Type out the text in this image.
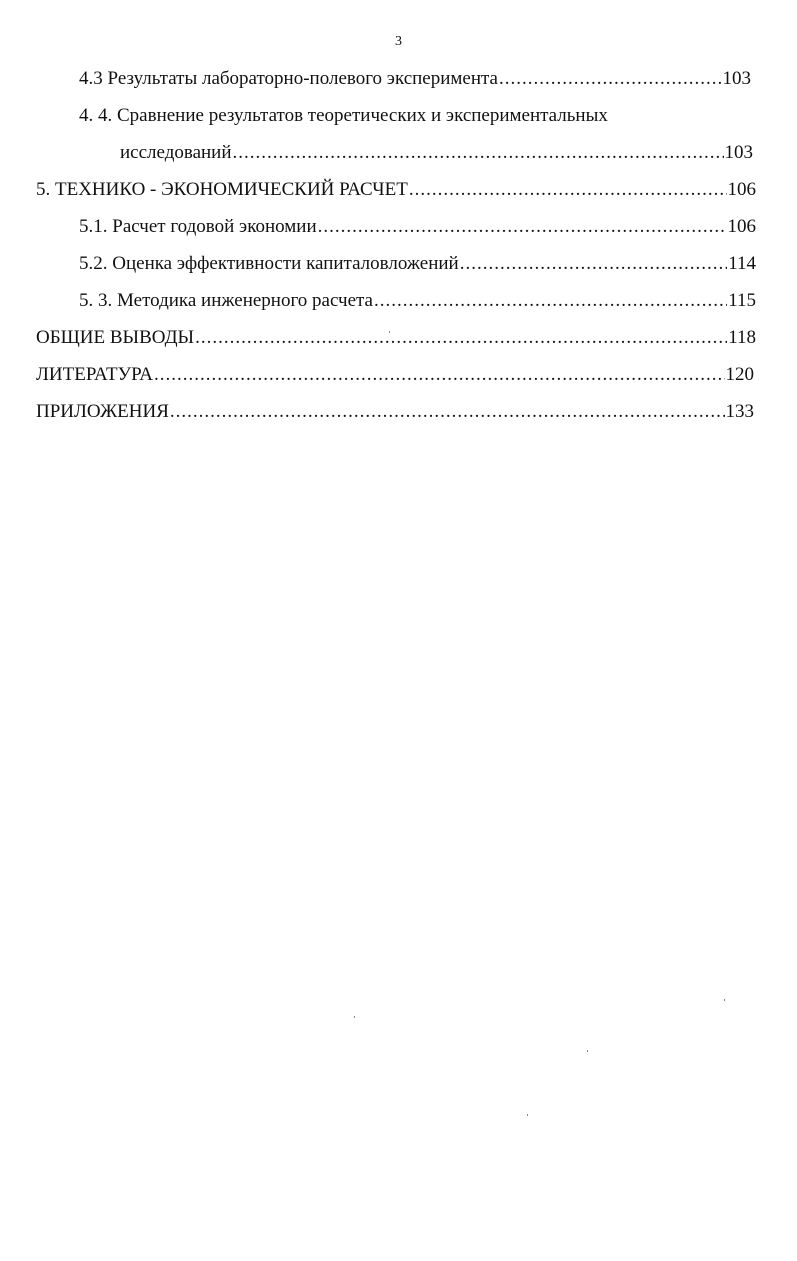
3
4.3 Результаты лабораторно-полевого эксперимента .....	103
4. 4. Сравнение результатов теоретических и экспериментальных
исследований .....	103
5. ТЕХНИКО - ЭКОНОМИЧЕСКИЙ РАСЧЕТ .....	106
5.1. Расчет годовой экономии .....	106
5.2. Оценка эффективности капиталовложений .....	114
5. 3. Методика инженерного расчета .....	115
ОБЩИЕ ВЫВОДЫ .....	118
ЛИТЕРАТУРА .....	120
ПРИЛОЖЕНИЯ .....	133
